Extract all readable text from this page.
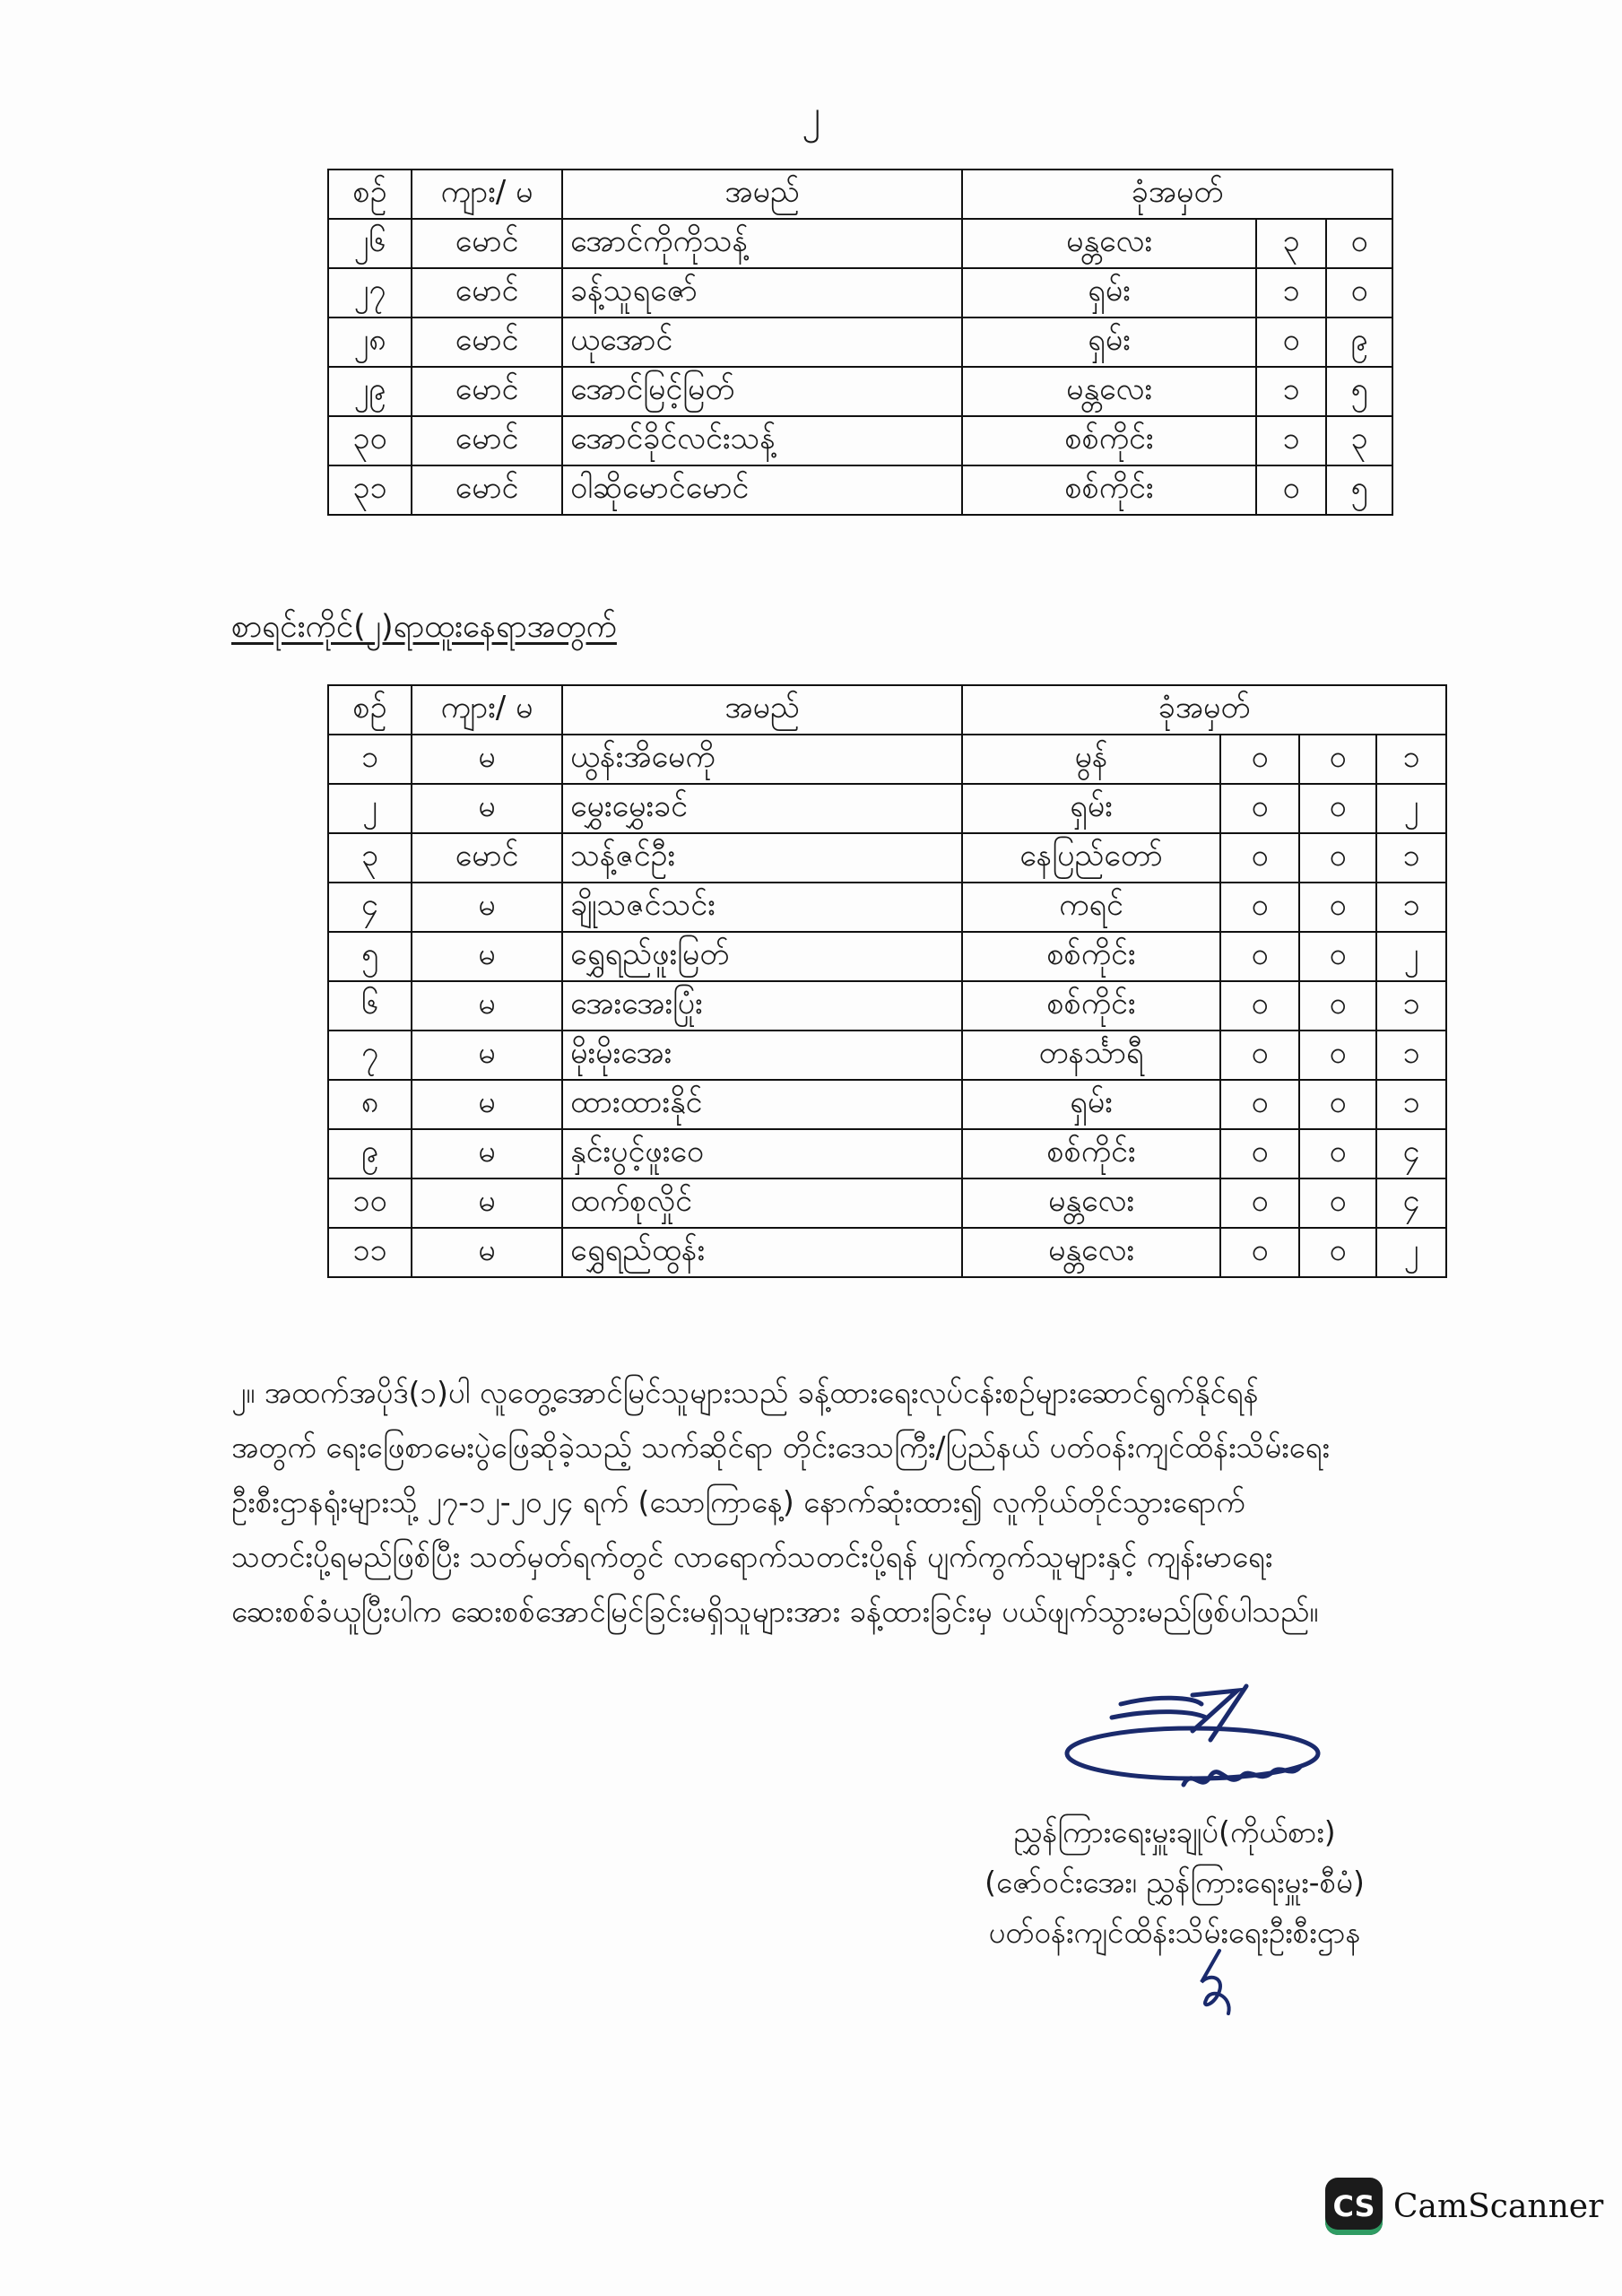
၂
စဉ်	ကျား/ မ	အမည်	ခုံအမှတ်		
၂၆	မောင်	အောင်ကိုကိုသန့်	မန္တလေး	၃	၀
၂၇	မောင်	ခန့်သူရဇော်	ရှမ်း	၁	၀
၂၈	မောင်	ယုအောင်	ရှမ်း	၀	၉
၂၉	မောင်	အောင်မြင့်မြတ်	မန္တလေး	၁	၅
၃၀	မောင်	အောင်ခိုင်လင်းသန့်	စစ်ကိုင်း	၁	၃
၃၁	မောင်	ဝါဆိုမောင်မောင်	စစ်ကိုင်း	၀	၅
စာရင်းကိုင်(၂)ရာထူးနေရာအတွက်
စဉ်	ကျား/ မ	အမည်	ခုံအမှတ်			
၁	မ	ယွန်းအိမေကို	မွန်	၀	၀	၁
၂	မ	မွှေးမွှေးခင်	ရှမ်း	၀	၀	၂
၃	မောင်	သန့်ဇင်ဦး	နေပြည်တော်	၀	၀	၁
၄	မ	ချိုသဇင်သင်း	ကရင်	၀	၀	၁
၅	မ	ရွှေရည်ဖူးမြတ်	စစ်ကိုင်း	၀	၀	၂
၆	မ	အေးအေးပြုံး	စစ်ကိုင်း	၀	၀	၁
၇	မ	မိုးမိုးအေး	တနင်္သာရီ	၀	၀	၁
၈	မ	ထားထားနိုင်	ရှမ်း	၀	၀	၁
၉	မ	နှင်းပွင့်ဖူးဝေ	စစ်ကိုင်း	၀	၀	၄
၁၀	မ	ထက်စုလှိုင်	မန္တလေး	၀	၀	၄
၁၁	မ	ရွှေရည်ထွန်း	မန္တလေး	၀	၀	၂
၂။ အထက်အပိုဒ်(၁)ပါ လူတွေ့အောင်မြင်သူများသည် ခန့်ထားရေးလုပ်ငန်းစဉ်များဆောင်ရွက်နိုင်ရန်
အတွက် ရေးဖြေစာမေးပွဲဖြေဆိုခဲ့သည့် သက်ဆိုင်ရာ တိုင်းဒေသကြီး/ပြည်နယ် ပတ်ဝန်းကျင်ထိန်းသိမ်းရေး
ဦးစီးဌာနရုံးများသို့ ၂၇-၁၂-၂၀၂၄ ရက် (သောကြာနေ့) နောက်ဆုံးထား၍ လူကိုယ်တိုင်သွားရောက်
သတင်းပို့ရမည်ဖြစ်ပြီး သတ်မှတ်ရက်တွင် လာရောက်သတင်းပို့ရန် ပျက်ကွက်သူများနှင့် ကျန်းမာရေး
ဆေးစစ်ခံယူပြီးပါက ဆေးစစ်အောင်မြင်ခြင်းမရှိသူများအား ခန့်ထားခြင်းမှ ပယ်ဖျက်သွားမည်ဖြစ်ပါသည်။
ညွှန်ကြားရေးမှူးချုပ်(ကိုယ်စား)
(ဇော်ဝင်းအေး၊ ညွှန်ကြားရေးမှူး-စီမံ)
ပတ်ဝန်းကျင်ထိန်းသိမ်းရေးဦးစီးဌာန
CS CamScanner
